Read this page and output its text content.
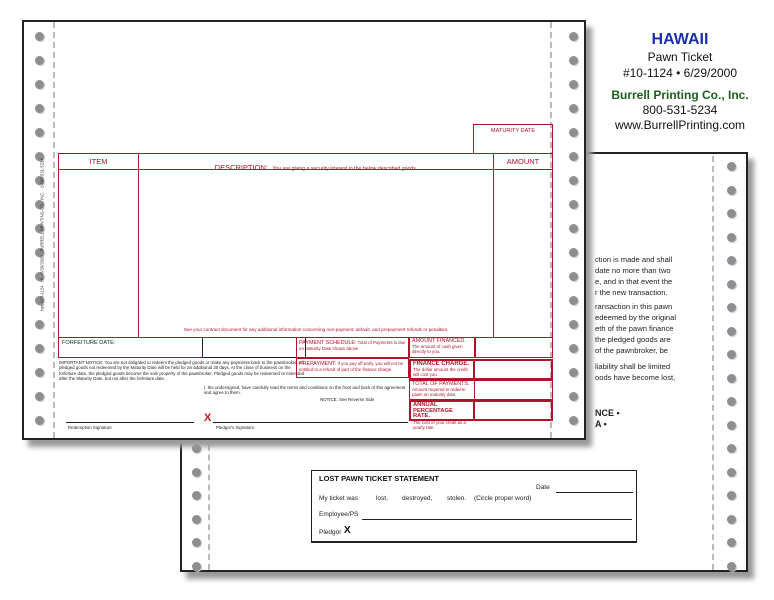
HAWAII
Pawn Ticket
#10-1124 • 6/29/2000
Burrell Printing Co., Inc.
800-531-5234
www.BurrellPrinting.com
ction is made and shall
date no more than two
e, and in that event the
r the new transaction.
ransaction in this pawn
edeemed by the original
eth of the pawn finance
the pledged goods are
of the pawnbroker, be
liability shall be limited
oods have become lost,
NCE •
A •
LOST PAWN TICKET STATEMENT
Date
My ticket was	lost, destroyed, stolen. (Circle proper word)
Employee/PS
Pledgor X
hpc #10-1124 · HI · 6/29/2000 · BURRELL PRINTING CO., INC. · 1-800-531-5234
MATURITY DATE
ITEM
DESCRIPTION: You are giving a security interest in the below described goods.
AMOUNT
See your contract document for any additional information concerning non-payment, default, and prepayment refunds or penalties.
FORFEITURE DATE:
IMPORTANT NOTICE: You are not obligated to redeem the pledged goods or make any payments back to the pawnbroker. All pledged goods not redeemed by the Maturity Date will be held for an additional 30 days. At the close of business on the forfeiture date, the pledged goods become the sole property of the pawnbroker. Pledged goods may be redeemed or extended after the Maturity Date, but not after the forfeiture date.
I, the undersigned, have carefully read the terms and conditions on the front and back of this agreement and agree to them.
NOTICE: See Reverse Side
PAYMENT SCHEDULE: Total of Payments is due on Maturity Date shown above
PREPAYMENT: If you pay off early, you will not be entitled to a refund of part of the finance charge.
AMOUNT FINANCED.
The amount of cash given directly to you.
FINANCE CHARGE.
The dollar amount the credit will cost you.
TOTAL OF PAYMENTS.
Amount required to redeem pawn on maturity date.
ANNUAL PERCENTAGE RATE.
The cost of your credit as a yearly rate.
Redemption Signature
X
Pledgor's Signature
